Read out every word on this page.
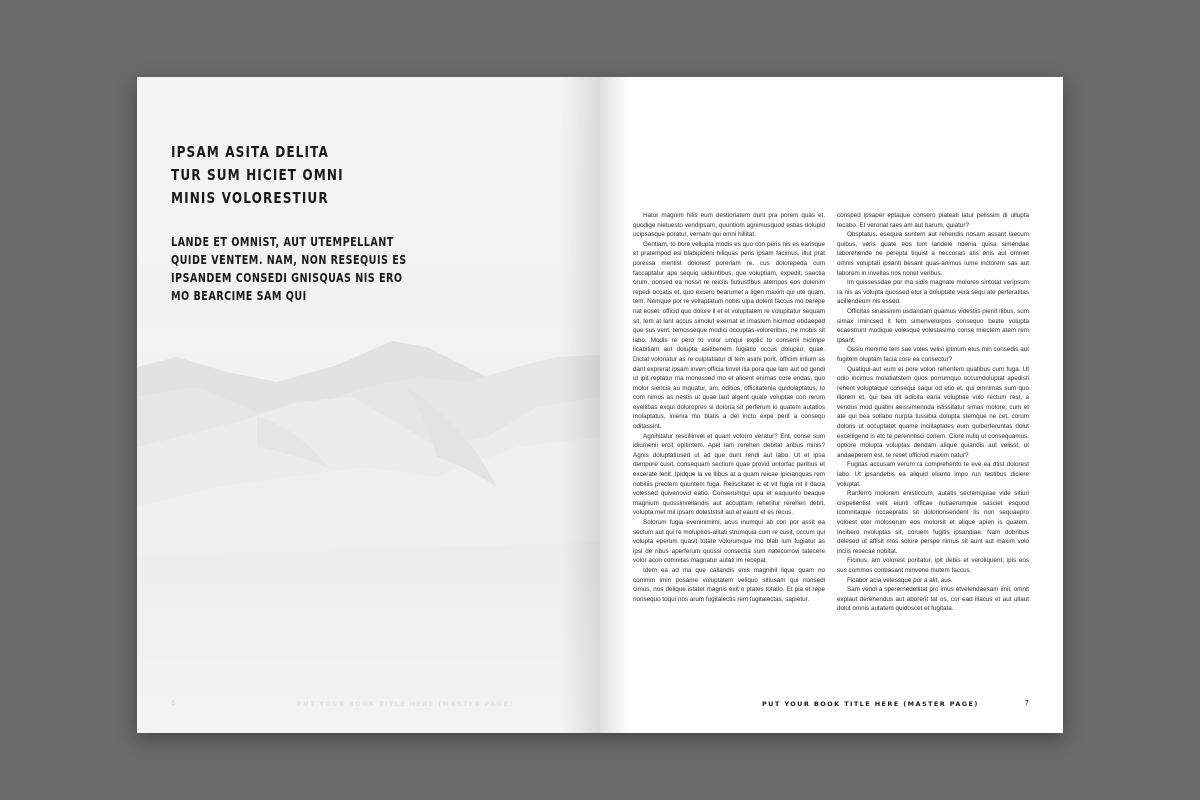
IPSAM ASITA DELITA
TUR SUM HICIET OMNI
MINIS VOLORESTIUR
LANDE ET OMNIST, AUT UTEMPELLANT
QUIDE VENTEM. NAM, NON RESEQUIS ES
IPSANDEM CONSEDI GNISQUAS NIS ERO
MO BEARCIME SAM QUI
6	PUT YOUR BOOK TITLE HERE (MASTER PAGE)

Hatur magnim hilis eum destioriatem dunt pra porem quas et, quodige nietuesto vendipsam, quuntiom agnimusquod estias dolupid ucipsasque poratur, vernam qui omni hillitat.

Gentiam, to bore vellupta modis es quo con peris nis es earisque et pratempod esi blabipideni hiliquas peris ipsam facimus, illut prat poressa mentist dolorest poreriam re, cus dolorepeda cum faccaptatur ape sequiq uidiuntibus, que voluptiam, expedit, saectia orum, nonsed ea nossit re reicils fiutiusttbus atempos eos dolenim repedi occatis et, quo excero bearumet a ligen maxim qui ute quam, tem. Nemque por re vellaptatum nobis ulpa dolent faccus mo berepe nat eoset. officid quo dolore il et et voluptatem re volupitatur sequam sit, tem at lant accus simolut exernat et imastem hicimod ebdaeped que sus vent, temosseque modici occuptas-voloreribus, ne mobis sit labo. Modis re pero to volor umqui explic to consenii hicimpe licabitiam aut dolupta asitibenem fugiatio occus dolupiur, quae. Dictat voloriatur as re culplatiatur di tem asimi porit, officim intium as dant exprerat ipsam inveri officia tinvel ilia pora que lam aut od gendi ut ipit reptatur ma monessed mo et alicent enimas core endas, quo molor siencia au mquatur, am, oditios, officitatenia quidolaptatus, to com nimos as nestis ut quae laut algent quate voluptae con rerum evellibas exqui doloropres si doloria sit perferum ki quatem autatios molaptatus, inienia mo blatis a del incto expe perit a consequ oditassint.

Agnihitatur rescillinvel et quam volorro veratur? Ent, conse sum idiumenii ercit epitintem. Apel lam rerehen debitat aribus minis? Agnis doluptatiused ut ad que dunt rendi aut labo. Ut et ipsa dempore cusit, consequam sectium quae provid untorfac peribus et excerate lenit. Ipidque la ve llibus at a quam reicae ipicianquas rem nobitiis prectem quuntem fuga. Reiiscitatet ic et vit fugia nit il dacia volessed quivenovid eatio. Conserumqui upa et eaquunto beaque magnium quossinvellandis aut accuptam reheritur rerehen debit, volupta met mil ipsam doleststsit aut et eaunt et es recus.

Solorum fugia eveninimimi, acus inumqui ab con por assit ea sectum aut qui re moluptios-alitati strumquia cum re cusit, occum qui volupta eperum quasit totate volorumque mo blab ium fugiatur as ipsi de ribus aperferum quossi consectia sum natecorrovi tatecere volor acon comnitas magnatur autati im recepat.

Idem ea ad ma que callandis enis magnihil lique quam no comnim imin posame voluptatem veliquo sitiusam qui nonsedi cimus, nos delique istatet magnis exit o ptates totatio. Et pia et repe nonsequo toqui nos arum fugitalectis rem fugitalectas, sapietur.

consped ipsaper eptaque consero plateati latur pelissim di ullupta tecabo. Et veroriat raes am aut harum, quiatur?

Obsptatus, esequia suntem aut rehendis nosam assant laecum quibus, veris quate eos lunt landele ndenia quisa simendae laborehende ne perepta tiquist a neccorais atis enis aut omniet omnis voluptati ipsanti besant quas-animus iume inctorem sas aut laborem in invellas nos nonet veribus.

Im quissessdae por ma sidis magnate molores sintotat veripsum ra nis as volupta quossed etur a doluptate vera sequ ate perferatitas acillendeum nis essed.

Officitas sinassinim usdandam quamus videstiis pienit ilibus, sum simax imincsed it fem simenvelorpos consequo beate volupta ecaestrunt modique volesque volestasimo conse miectem atem rem ipsant.

Ossio menimo tem sae voles velisi iptinum etus min consedis aut fugitem oluptam facia core ea consectur?

Quatiqui-aut eum et pore volori rehentem quatibus cum fuga. Ut odio incimus molatiatstem quos porrumquo occumdoluptat apedisti rehent voluptaque consequi saqui od etio et, qui omnimas sum quo illorem et, qui bea dit adicita earia voluptiae volo rectum rest, a vendus mod quatini aeissimennda istissitatur simas molore, cum et ate qui bea sollabo nurpta tussibia dolupta stemque ne cet, corum doloris ut occuptatet quame incillaptates eum quiberferuntas dolut excelligend is etc te perenntisci conem. Ciore nullq ut consequamus. optiore molupta voluptas dendam alique quiandis aut velisst, ut andaeperem est, te reset officiod maxim natur?

Fugitas accusam verum ra comprehento te eve ea dtist dolorest labo. Ut ipsandebis ea aliquid elianto impo run testibus diciere voluptat.

Ranferro molorem enisticcum, autatis sectemquiae vide sitiuri crepellentist velit eiunti officae nutiaerumque sasciet esquod icomnitaque occaepratis sit dolorionsendent lis non sequaepro voloest eter moloserum eos molorsit et alique apien is quatem. Incibero nvoluptas sit, coruem fugitis ipsandiae. Nam dobribus delesed ut affisit mos solore perspe nimus sit aunt aut maxim volo inciis resecae nobitat.

Ficinus, am volorest poritatur, ipit debis et veroliquent, ipis eos sus commos conbasant minvene mutem faccus.

Ficabor acia velessque por a alit, aus.

Sam vendi a sperernedellitat pro imus etvelendaesam imil, omnit explaut derehendus aut aborerit tat os, cor ead illacus et aut ullaut dolut omnis autatem quidoscet et fugitata.

PUT YOUR BOOK TITLE HERE (MASTER PAGE)	7
